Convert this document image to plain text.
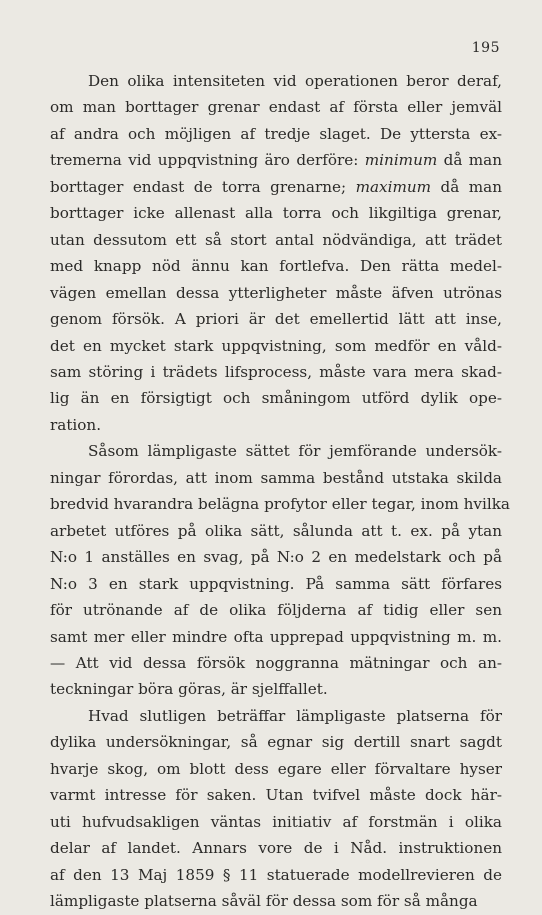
195
Den olika intensiteten vid operationen beror deraf,
om man borttager grenar endast af första eller jemväl
af andra och möjligen af tredje slaget. De yttersta ex-
tremerna vid uppqvistning äro derföre: minimum då man
borttager endast de torra grenarne; maximum då man
borttager icke allenast alla torra och likgiltiga grenar,
utan dessutom ett så stort antal nödvändiga, att trädet
med knapp nöd ännu kan fortlefva. Den rätta medel-
vägen emellan dessa ytterligheter måste äfven utrönas
genom försök. A priori är det emellertid lätt att inse,
det en mycket stark uppqvistning, som medför en våld-
sam störing i trädets lifsprocess, måste vara mera skad-
lig än en försigtigt och småningom utförd dylik ope-
ration.
Såsom lämpligaste sättet för jemförande undersök-
ningar förordas, att inom samma bestånd utstaka skilda
bredvid hvarandra belägna profytor eller tegar, inom hvilka
arbetet utföres på olika sätt, sålunda att t. ex. på ytan
N:o 1 anställes en svag, på N:o 2 en medelstark och på
N:o 3 en stark uppqvistning. På samma sätt förfares
för utrönande af de olika följderna af tidig eller sen
samt mer eller mindre ofta upprepad uppqvistning m. m.
— Att vid dessa försök noggranna mätningar och an-
teckningar böra göras, är sjelffallet.
Hvad slutligen beträffar lämpligaste platserna för
dylika undersökningar, så egnar sig dertill snart sagdt
hvarje skog, om blott dess egare eller förvaltare hyser
varmt intresse för saken. Utan tvifvel måste dock här-
uti hufvudsakligen väntas initiativ af forstmän i olika
delar af landet. Annars vore de i Nåd. instruktionen
af den 13 Maj 1859 § 11 statuerade modellrevieren de
lämpligaste platserna såväl för dessa som för så många
